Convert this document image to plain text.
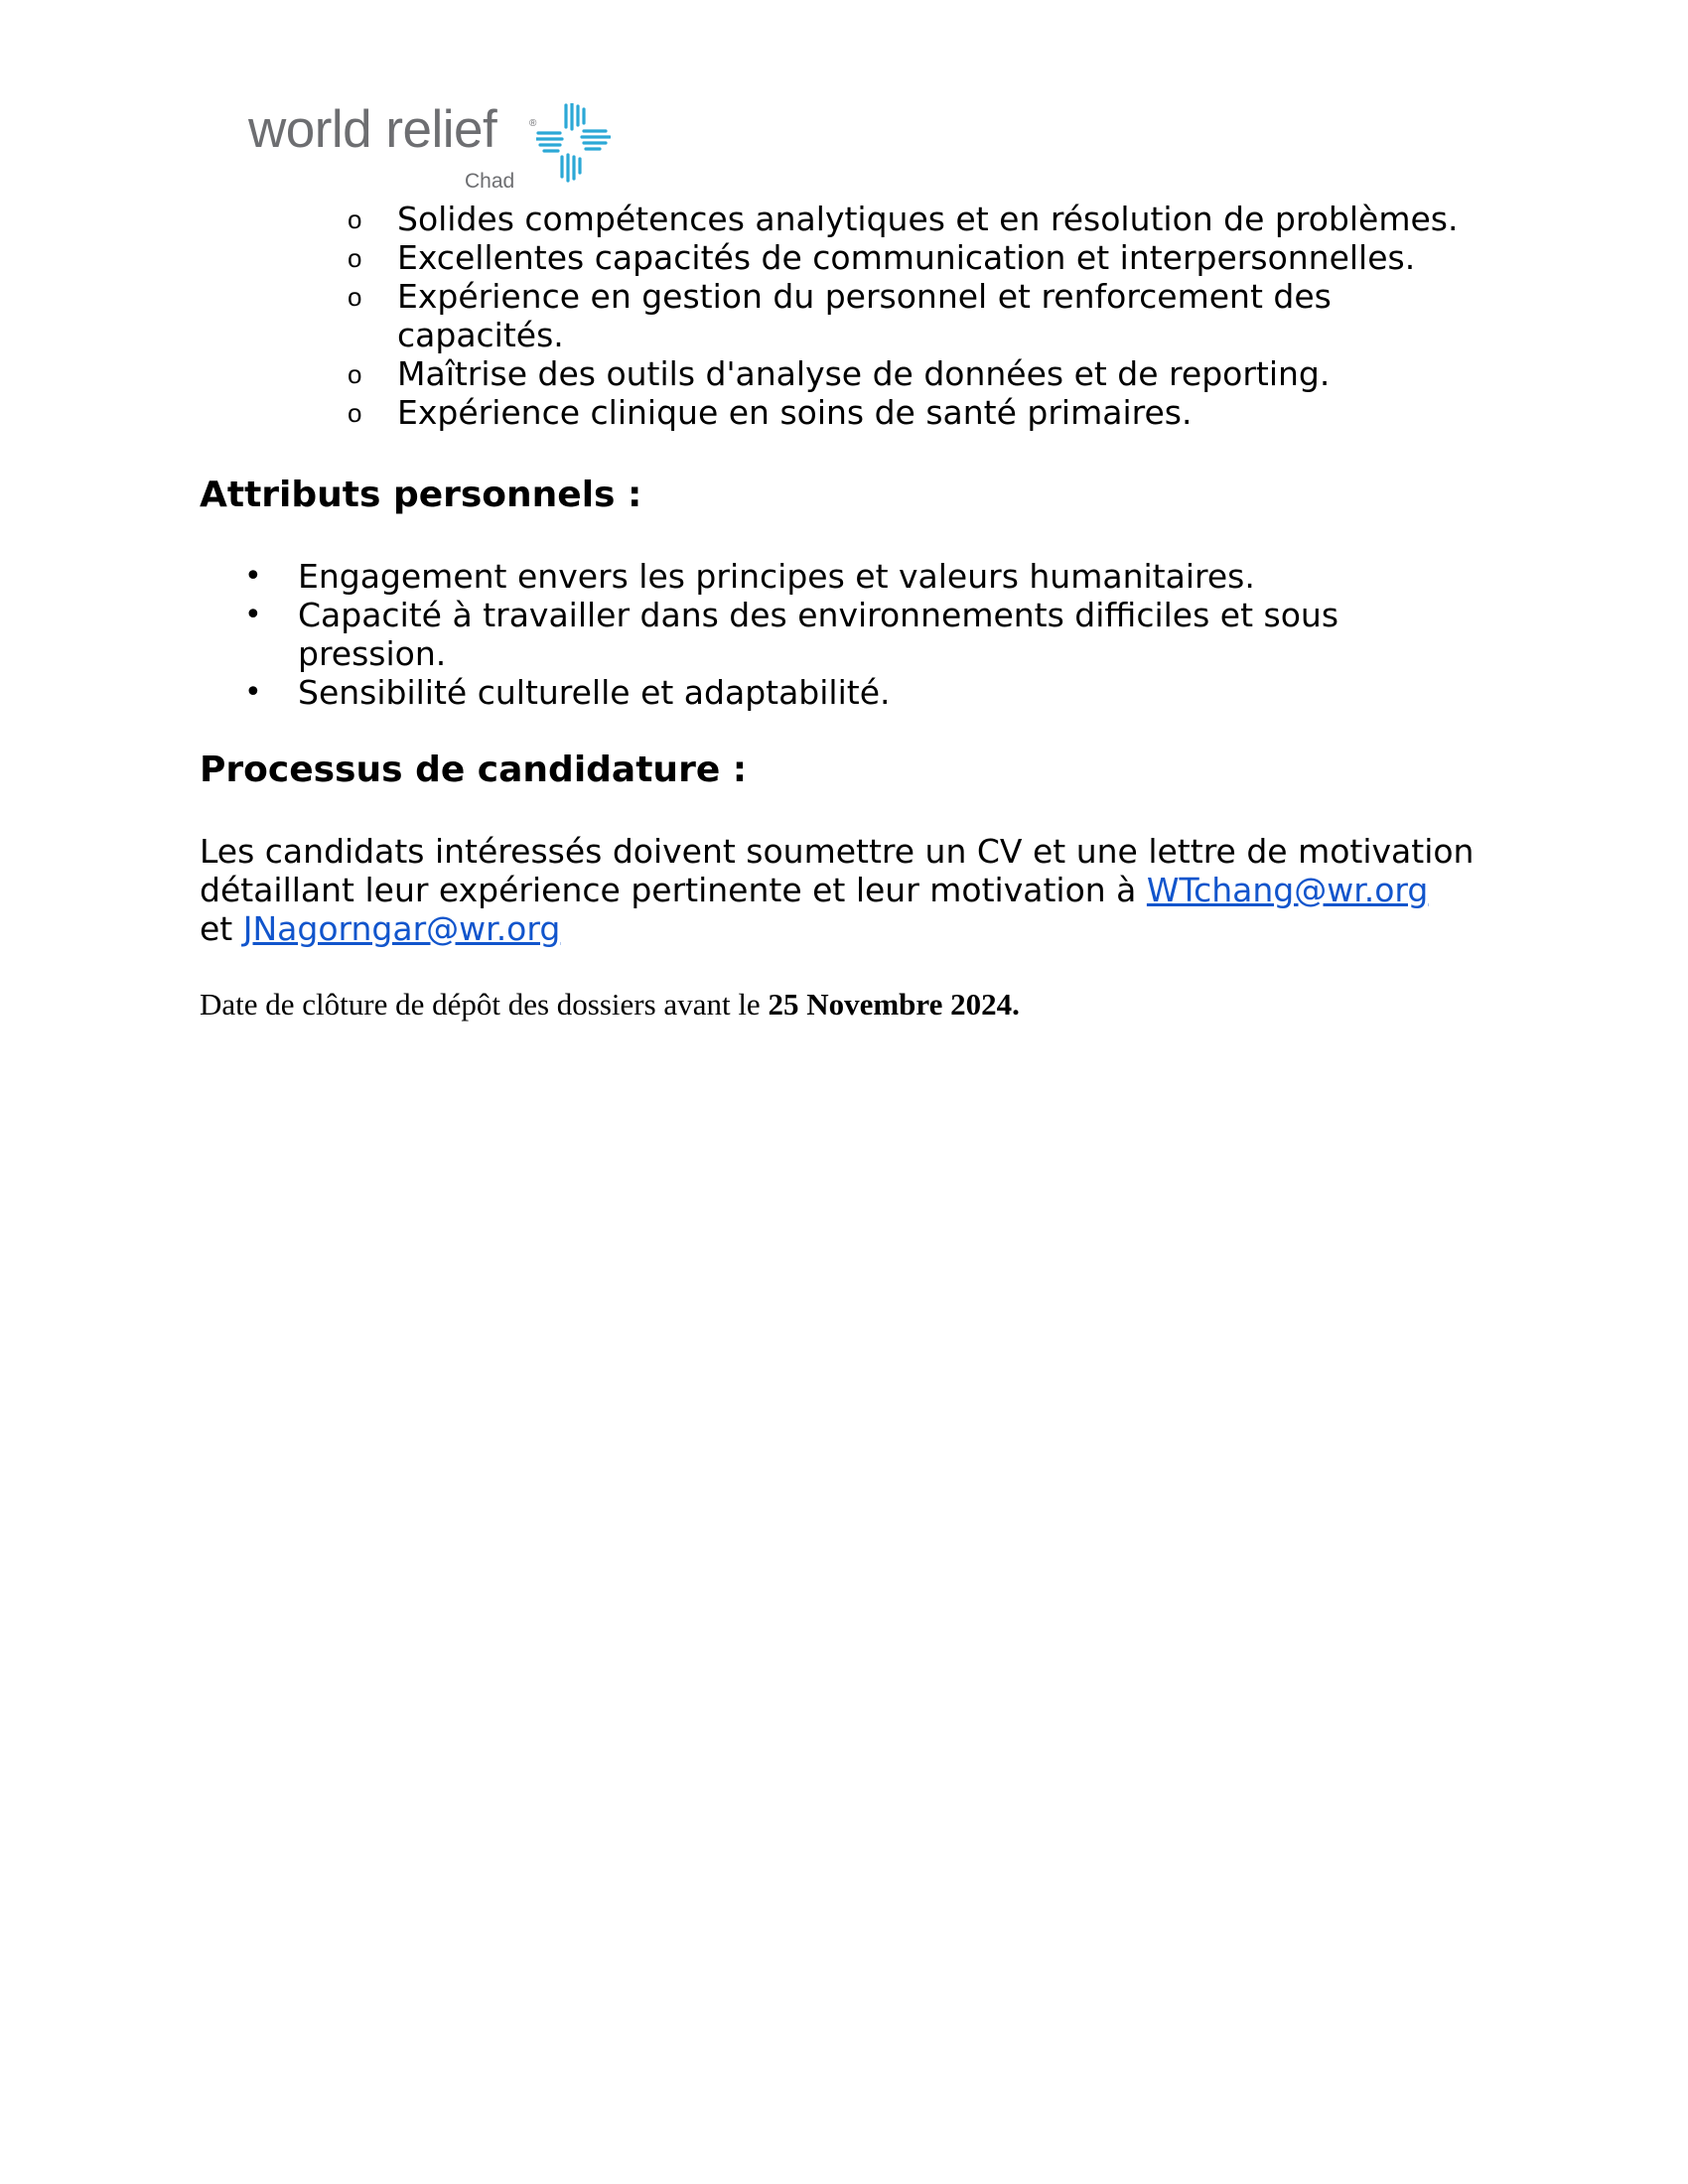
world relief	®
Chad
o Solides compétences analytiques et en résolution de problèmes.
o Excellentes capacités de communication et interpersonnelles.
o Expérience en gestion du personnel et renforcement des capacités.
o Maîtrise des outils d'analyse de données et de reporting.
o Expérience clinique en soins de santé primaires.
Attributs personnels :
• Engagement envers les principes et valeurs humanitaires.
• Capacité à travailler dans des environnements difficiles et sous pression.
• Sensibilité culturelle et adaptabilité.
Processus de candidature :

Les candidats intéressés doivent soumettre un CV et une lettre de motivation détaillant leur expérience pertinente et leur motivation à WTchang@wr.org
et JNagorngar@wr.org

Date de clôture de dépôt des dossiers avant le 25 Novembre 2024.
